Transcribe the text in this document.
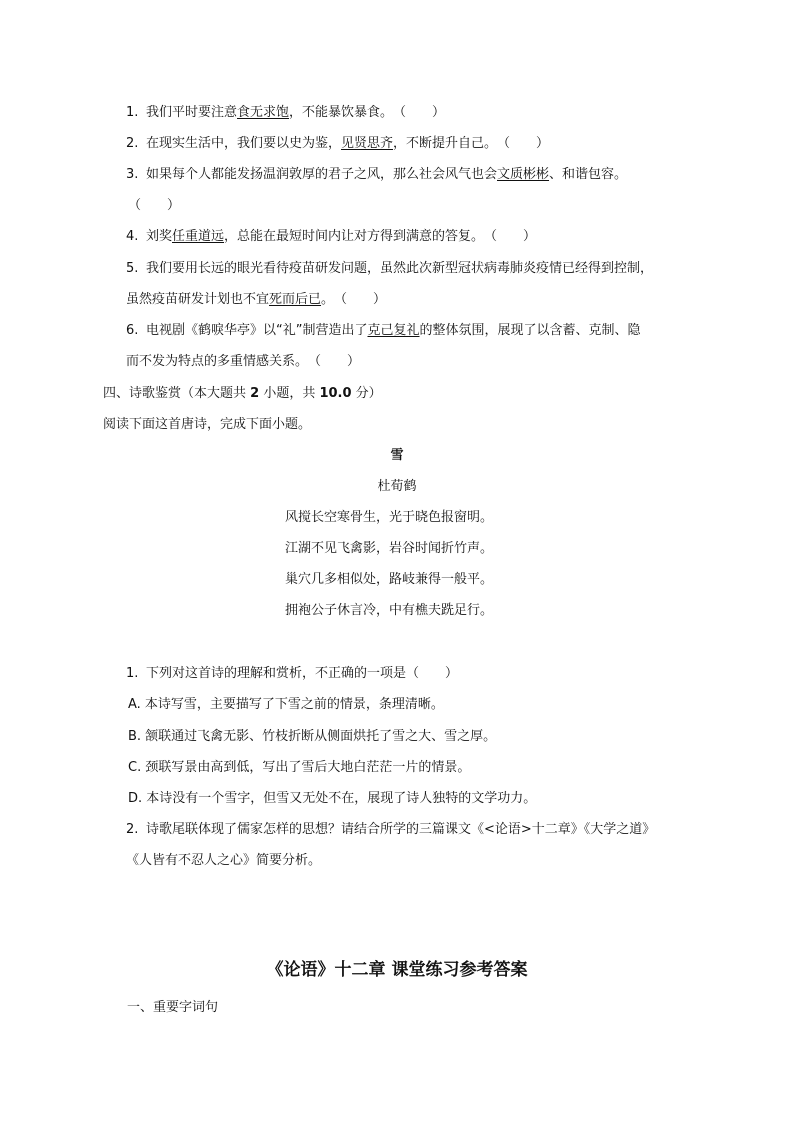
1. 我们平时要注意食无求饱，不能暴饮暴食。　（　　）
2. 在现实生活中，我们要以史为鉴，见贤思齐，不断提升自己。　（　　）
3. 如果每个人都能发扬温润敦厚的君子之风，那么社会风气也会文质彬彬、和谐包容。
（　　）
4. 刘奖任重道远，总能在最短时间内让对方得到满意的答复。　（　　）
5. 我们要用长远的眼光看待疫苗研发问题，虽然此次新型冠状病毒肺炎疫情已经得到控制，
虽然疫苗研发计划也不宜死而后已。　（　　）
6. 电视剧《鹤唳华亭》以“礼”制营造出了克己复礼的整体氛围，展现了以含蓄、克制、隐
而不发为特点的多重情感关系。　（　　）
四、诗歌鉴赏（本大题共 2 小题，共 10.0 分）
阅读下面这首唐诗，完成下面小题。
雪
杜荀鹤
风搅长空寒骨生，光于晓色报窗明。
江湖不见飞禽影，岩谷时闻折竹声。
巢穴几多相似处，路岐兼得一般平。
拥袍公子休言冷，中有樵夫跣足行。
1. 下列对这首诗的理解和赏析，不正确的一项是（　　）
A. 本诗写雪，主要描写了下雪之前的情景，条理清晰。
B. 颔联通过飞禽无影、竹枝折断从侧面烘托了雪之大、雪之厚。
C. 颈联写景由高到低，写出了雪后大地白茫茫一片的情景。
D. 本诗没有一个雪字，但雪又无处不在，展现了诗人独特的文学功力。
2. 诗歌尾联体现了儒家怎样的思想？请结合所学的三篇课文《<论语>十二章》《大学之道》
《人皆有不忍人之心》简要分析。
《论语》十二章 课堂练习参考答案
一、重要字词句
